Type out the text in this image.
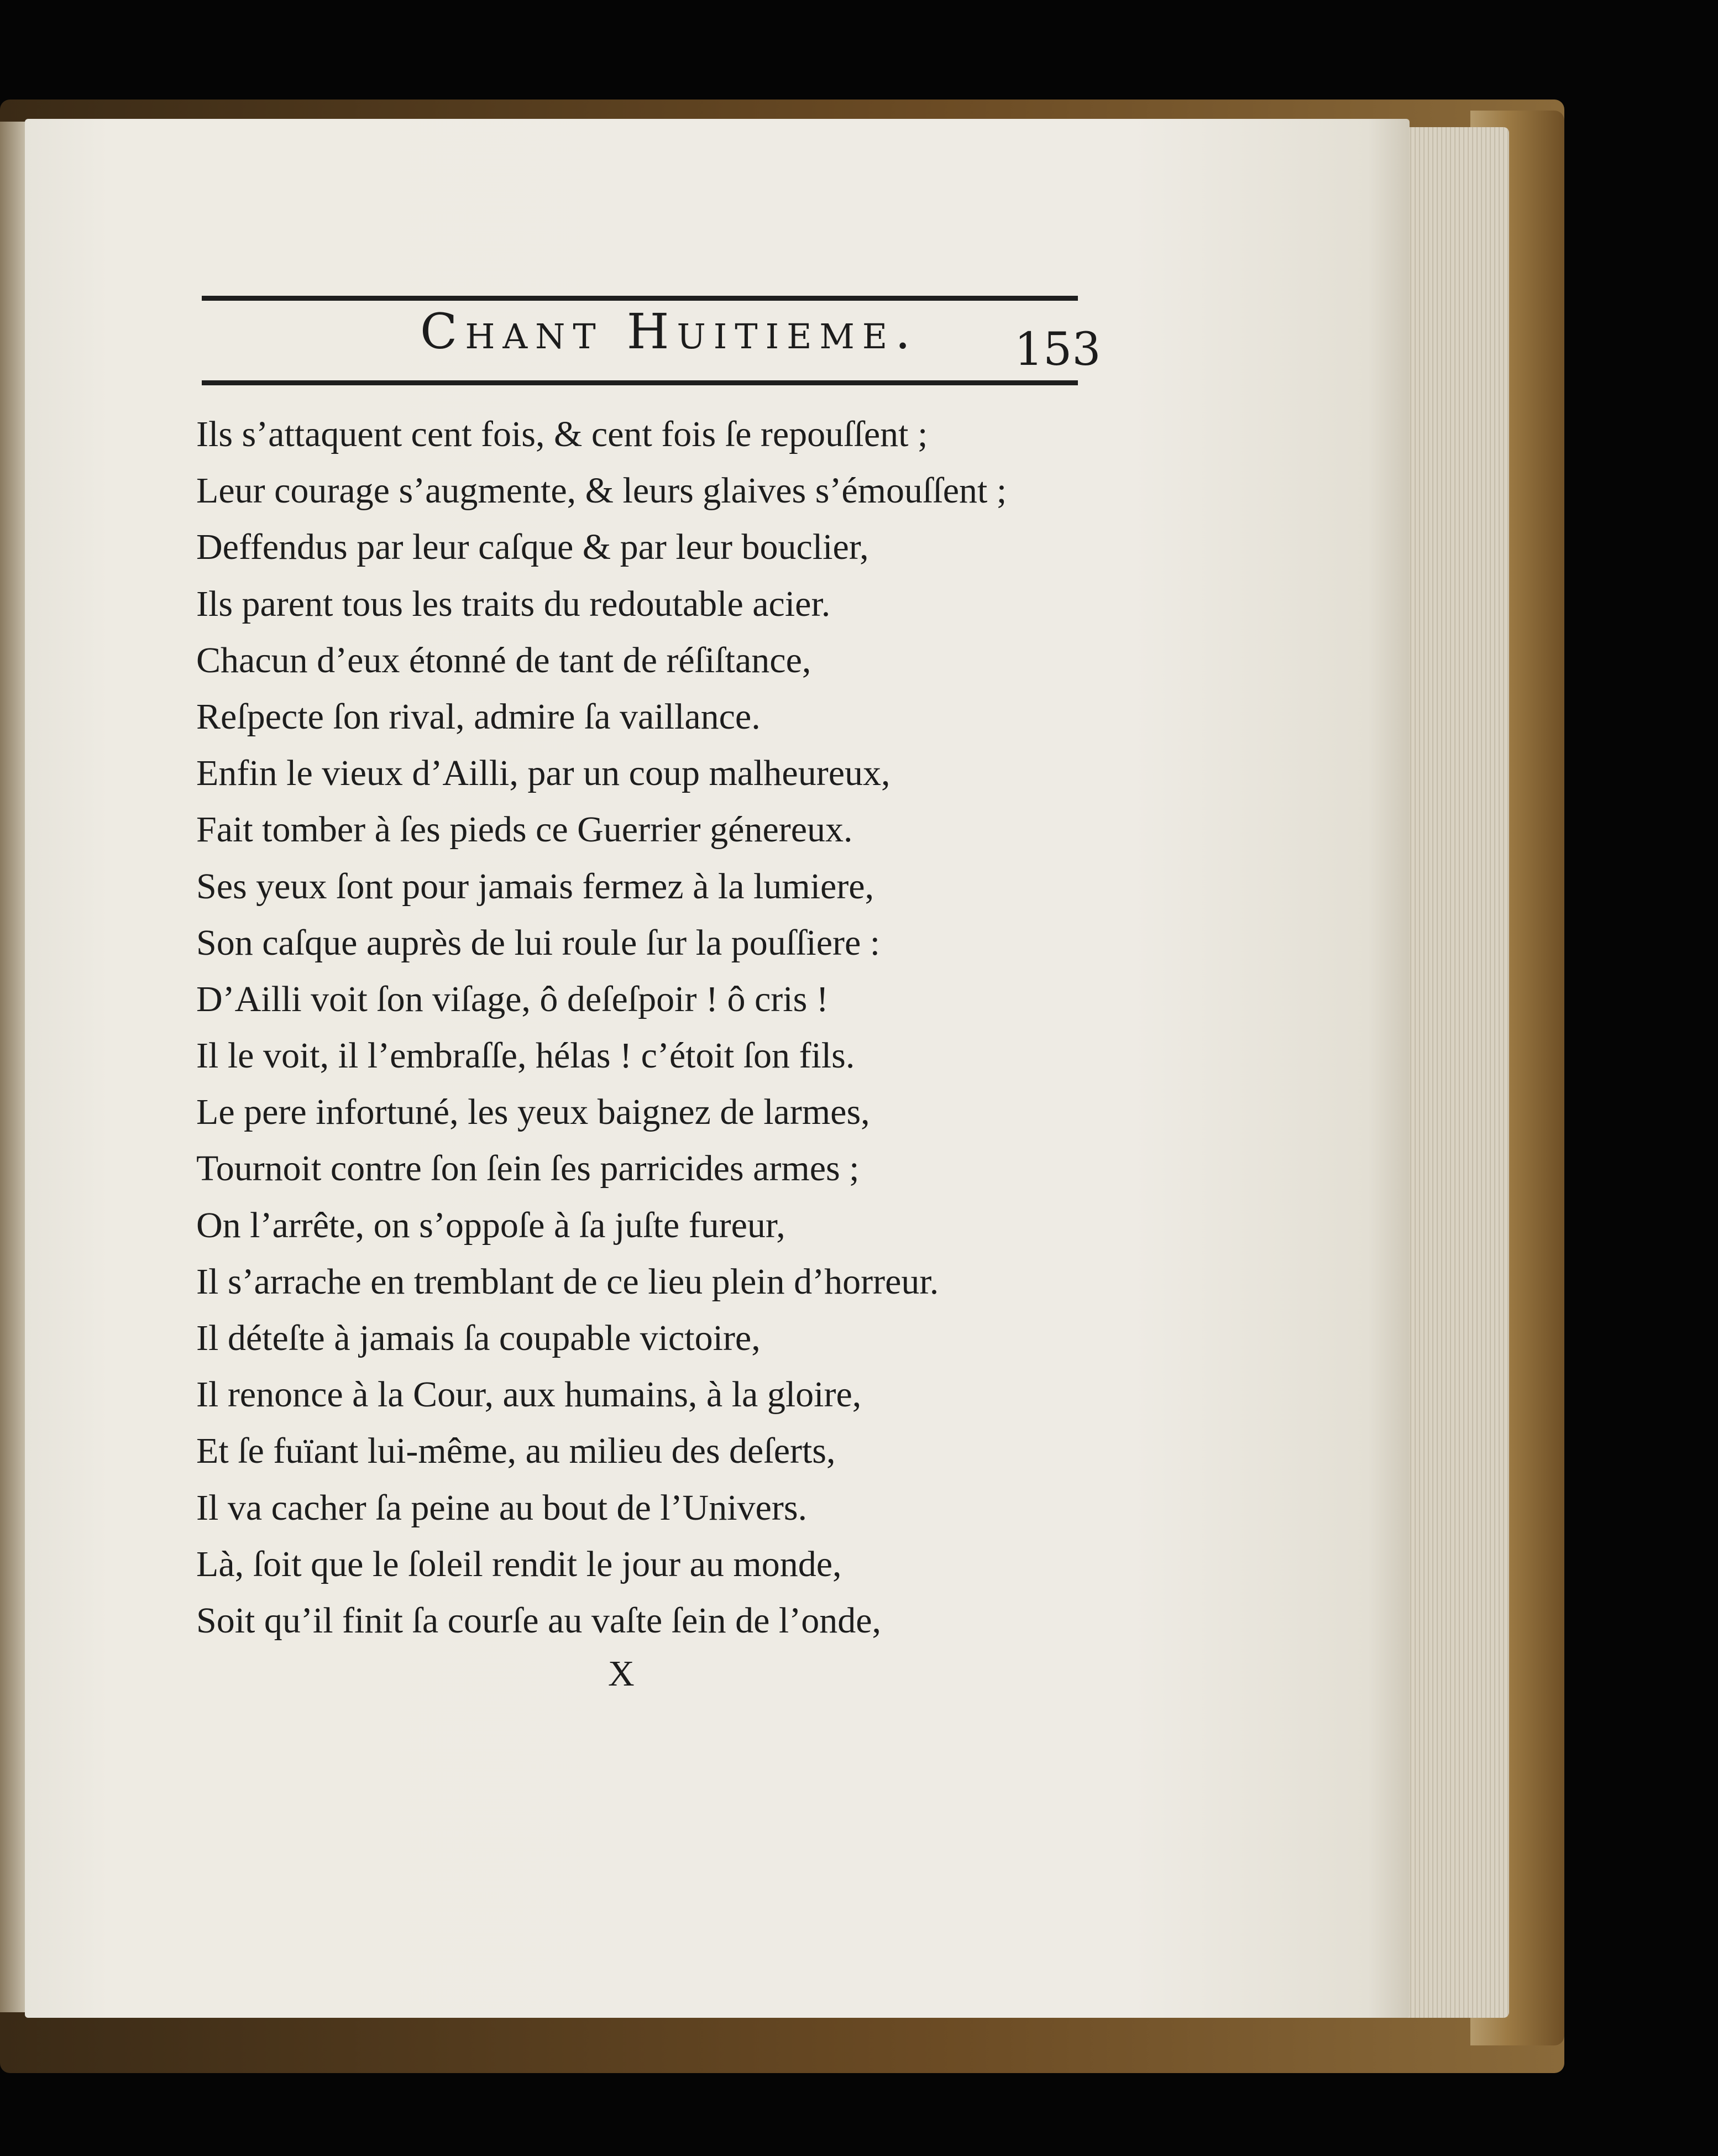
Chant Huitieme. 153
Ils s’attaquent cent fois, & cent fois ſe repouſſent ;
Leur courage s’augmente, & leurs glaives s’émouſſent ;
Deffendus par leur caſque & par leur bouclier,
Ils parent tous les traits du redoutable acier.
Chacun d’eux étonné de tant de réſiſtance,
Reſpecte ſon rival, admire ſa vaillance.
Enfin le vieux d’Ailli, par un coup malheureux,
Fait tomber à ſes pieds ce Guerrier génereux.
Ses yeux ſont pour jamais fermez à la lumiere,
Son caſque auprès de lui roule ſur la pouſſiere :
D’Ailli voit ſon viſage, ô deſeſpoir ! ô cris !
Il le voit, il l’embraſſe, hélas ! c’étoit ſon fils.
Le pere infortuné, les yeux baignez de larmes,
Tournoit contre ſon ſein ſes parricides armes ;
On l’arrête, on s’oppoſe à ſa juſte fureur,
Il s’arrache en tremblant de ce lieu plein d’horreur.
Il déteſte à jamais ſa coupable victoire,
Il renonce à la Cour, aux humains, à la gloire,
Et ſe fuïant lui-même, au milieu des deſerts,
Il va cacher ſa peine au bout de l’Univers.
Là, ſoit que le ſoleil rendit le jour au monde,
Soit qu’il finit ſa courſe au vaſte ſein de l’onde,
X
